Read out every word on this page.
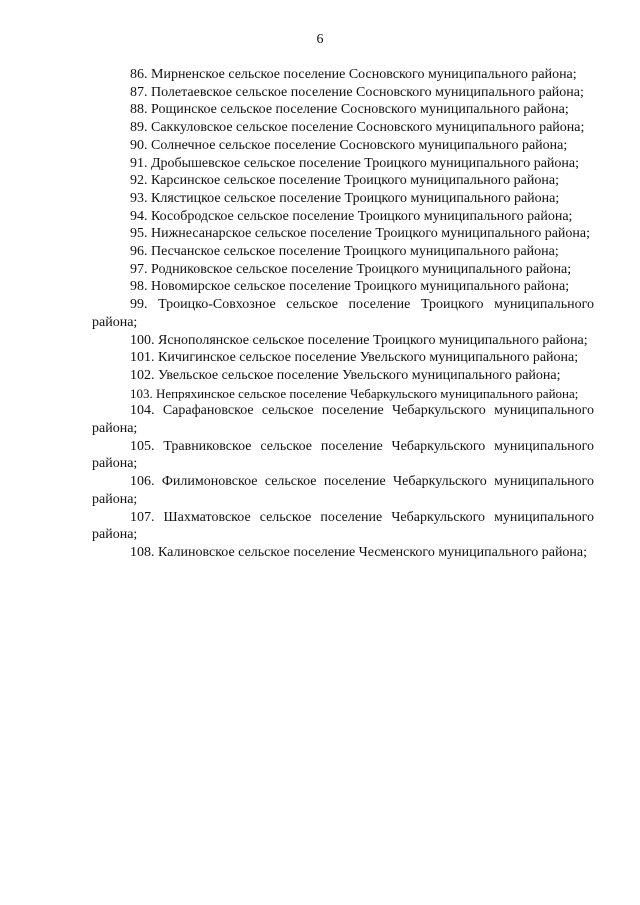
6

86. Мирненское сельское поселение Сосновского муниципального района;

87. Полетаевское сельское поселение Сосновского муниципального района;

88. Рощинское сельское поселение Сосновского муниципального района;

89. Саккуловское сельское поселение Сосновского муниципального района;

90. Солнечное сельское поселение Сосновского муниципального района;

91. Дробышевское сельское поселение Троицкого муниципального района;

92. Карсинское сельское поселение Троицкого муниципального района;

93. Клястицкое сельское поселение Троицкого муниципального района;

94. Кособродское сельское поселение Троицкого муниципального района;

95. Нижнесанарское сельское поселение Троицкого муниципального района;

96. Песчанское сельское поселение Троицкого муниципального района;

97. Родниковское сельское поселение Троицкого муниципального района;

98. Новомирское сельское поселение Троицкого муниципального района;

99. Троицко-Совхозное сельское поселение Троицкого муниципального района;

100. Яснополянское сельское поселение Троицкого муниципального района;

101. Кичигинское сельское поселение Увельского муниципального района;

102. Увельское сельское поселение Увельского муниципального района;

103. Непряхинское сельское поселение Чебаркульского муниципального района;

104. Сарафановское сельское поселение Чебаркульского муниципального района;

105. Травниковское сельское поселение Чебаркульского муниципального района;

106. Филимоновское сельское поселение Чебаркульского муниципального района;

107. Шахматовское сельское поселение Чебаркульского муниципального района;

108. Калиновское сельское поселение Чесменского муниципального района;
